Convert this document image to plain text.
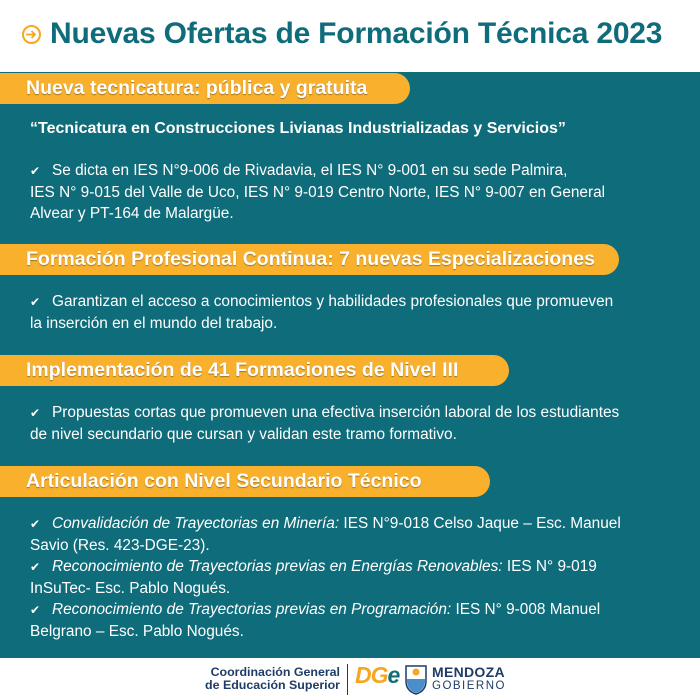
Nuevas Ofertas de Formación Técnica 2023
Nueva tecnicatura: pública y gratuita
“Tecnicatura en Construcciones Livianas Industrializadas y Servicios”
✔ Se dicta en IES N°9-006 de Rivadavia, el IES N° 9-001 en su sede Palmira,
IES N° 9-015 del Valle de Uco, IES N° 9-019 Centro Norte, IES N° 9-007 en General
Alvear y PT-164 de Malargüe.
Formación Profesional Continua: 7 nuevas Especializaciones
✔ Garantizan el acceso a conocimientos y habilidades profesionales que promueven
la inserción en el mundo del trabajo.
Implementación de 41 Formaciones de Nivel III
✔ Propuestas cortas que promueven una efectiva inserción laboral de los estudiantes
de nivel secundario que cursan y validan este tramo formativo.
Articulación con Nivel Secundario Técnico
✔ Convalidación de Trayectorias en Minería: IES N°9-018 Celso Jaque – Esc. Manuel
Savio (Res. 423-DGE-23).
✔ Reconocimiento de Trayectorias previas en Energías Renovables: IES N° 9-019
InSuTec- Esc. Pablo Nogués.
✔ Reconocimiento de Trayectorias previas en Programación: IES N° 9-008 Manuel
Belgrano – Esc. Pablo Nogués.
Coordinación General
de Educación Superior DGe MENDOZA
GOBIERNO
